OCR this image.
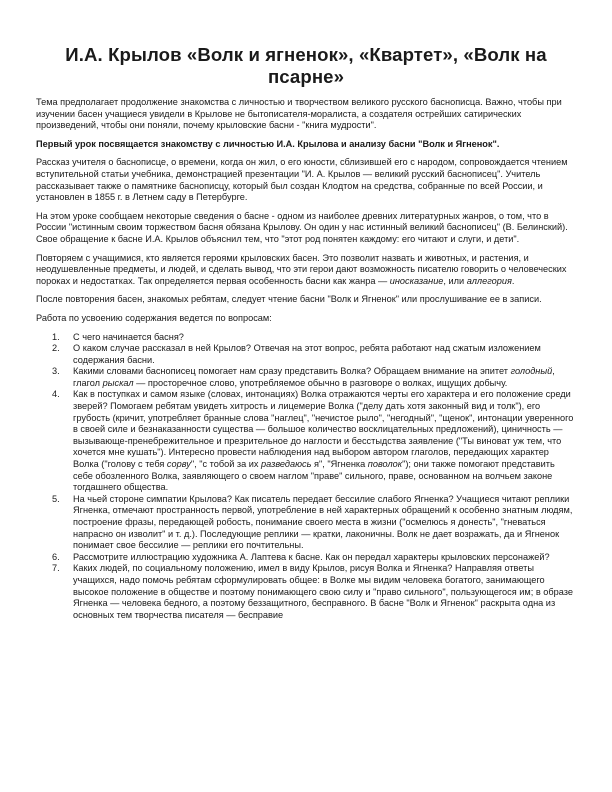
И.А. Крылов «Волк и ягненок», «Квартет», «Волк на псарне»

Тема предполагает продолжение знакомства с личностью и творчеством великого русского баснописца. Важно, чтобы при изучении басен учащиеся увидели в Крылове не бытописателя-моралиста, а создателя острейших сатирических произведений, чтобы они поняли, почему крыловские басни - "книга мудрости".

Первый урок посвящается знакомству с личностью И.А. Крылова и анализу басни "Волк и Ягненок".

Рассказ учителя о баснописце, о времени, когда он жил, о его юности, сблизившей его с народом, сопровождается чтением вступительной статьи учебника, демонстрацией презентации "И. А. Крылов — великий русский баснописец". Учитель рассказывает также о памятнике баснописцу, который был создан Клодтом на средства, собранные по всей России, и установлен в 1855 г. в Летнем саду в Петербурге.

На этом уроке сообщаем некоторые сведения о басне - одном из наиболее древних литературных жанров, о том, что в России "истинным своим торжеством басня обязана Крылову. Он один у нас истинный великий баснописец" (В. Белинский). Свое обращение к басне И.А. Крылов объяснил тем, что "этот род понятен каждому: его читают и слуги, и дети".

Повторяем с учащимися, кто является героями крыловских басен. Это позволит назвать и животных, и растения, и неодушевленные предметы, и людей, и сделать вывод, что эти герои дают возможность писателю говорить о человеческих пороках и недостатках. Так определяется первая особенность басни как жанра — иносказание, или аллегория.

После повторения басен, знакомых ребятам, следует чтение басни "Волк и Ягненок" или прослушивание ее в записи.

Работа по усвоению содержания ведется по вопросам:

1. С чего начинается басня?
2. О каком случае рассказал в ней Крылов? Отвечая на этот вопрос, ребята работают над сжатым изложением содержания басни.
3. Какими словами баснописец помогает нам сразу представить Волка? Обращаем внимание на эпитет голодный, глагол рыскал — просторечное слово, употребляемое обычно в разговоре о волках, ищущих добычу.
4. Как в поступках и самом языке (словах, интонациях) Волка отражаются черты его характера и его положение среди зверей? Помогаем ребятам увидеть хитрость и лицемерие Волка ("делу дать хотя законный вид и толк"), его грубость (кричит, употребляет бранные слова "наглец", "нечистое рыло", "негодный", "щенок", интонации уверенного в своей силе и безнаказанности существа — большое количество восклицательных предложений), циничность — вызывающе-пренебрежительное и презрительное до наглости и бесстыдства заявление ("Ты виноват уж тем, что хочется мне кушать"). Интересно провести наблюдения над выбором автором глаголов, передающих характер Волка ("голову с тебя сорву", "с тобой за их разведаюсь я", "Ягненка поволок"); они также помогают представить себе обозленного Волка, заявляющего о своем наглом "праве" сильного, праве, основанном на волчьем законе тогдашнего общества.
5. На чьей стороне симпатии Крылова? Как писатель передает бессилие слабого Ягненка? Учащиеся читают реплики Ягненка, отмечают пространность первой, употребление в ней характерных обращений к особенно знатным людям, построение фразы, передающей робость, понимание своего места в жизни ("осмелюсь я донесть", "гневаться напрасно он изволит" и т. д.). Последующие реплики — кратки, лаконичны. Волк не дает возражать, да и Ягненок понимает свое бессилие — реплики его почтительны.
6. Рассмотрите иллюстрацию художника А. Лаптева к басне. Как он передал характеры крыловских персонажей?
7. Каких людей, по социальному положению, имел в виду Крылов, рисуя Волка и Ягненка? Направляя ответы учащихся, надо помочь ребятам сформулировать общее: в Волке мы видим человека богатого, занимающего высокое положение в обществе и поэтому понимающего свою силу и "право сильного", пользующегося им; в образе Ягненка — человека бедного, а поэтому беззащитного, бесправного. В басне "Волк и Ягненок" раскрыта одна из основных тем творчества писателя — бесправие
